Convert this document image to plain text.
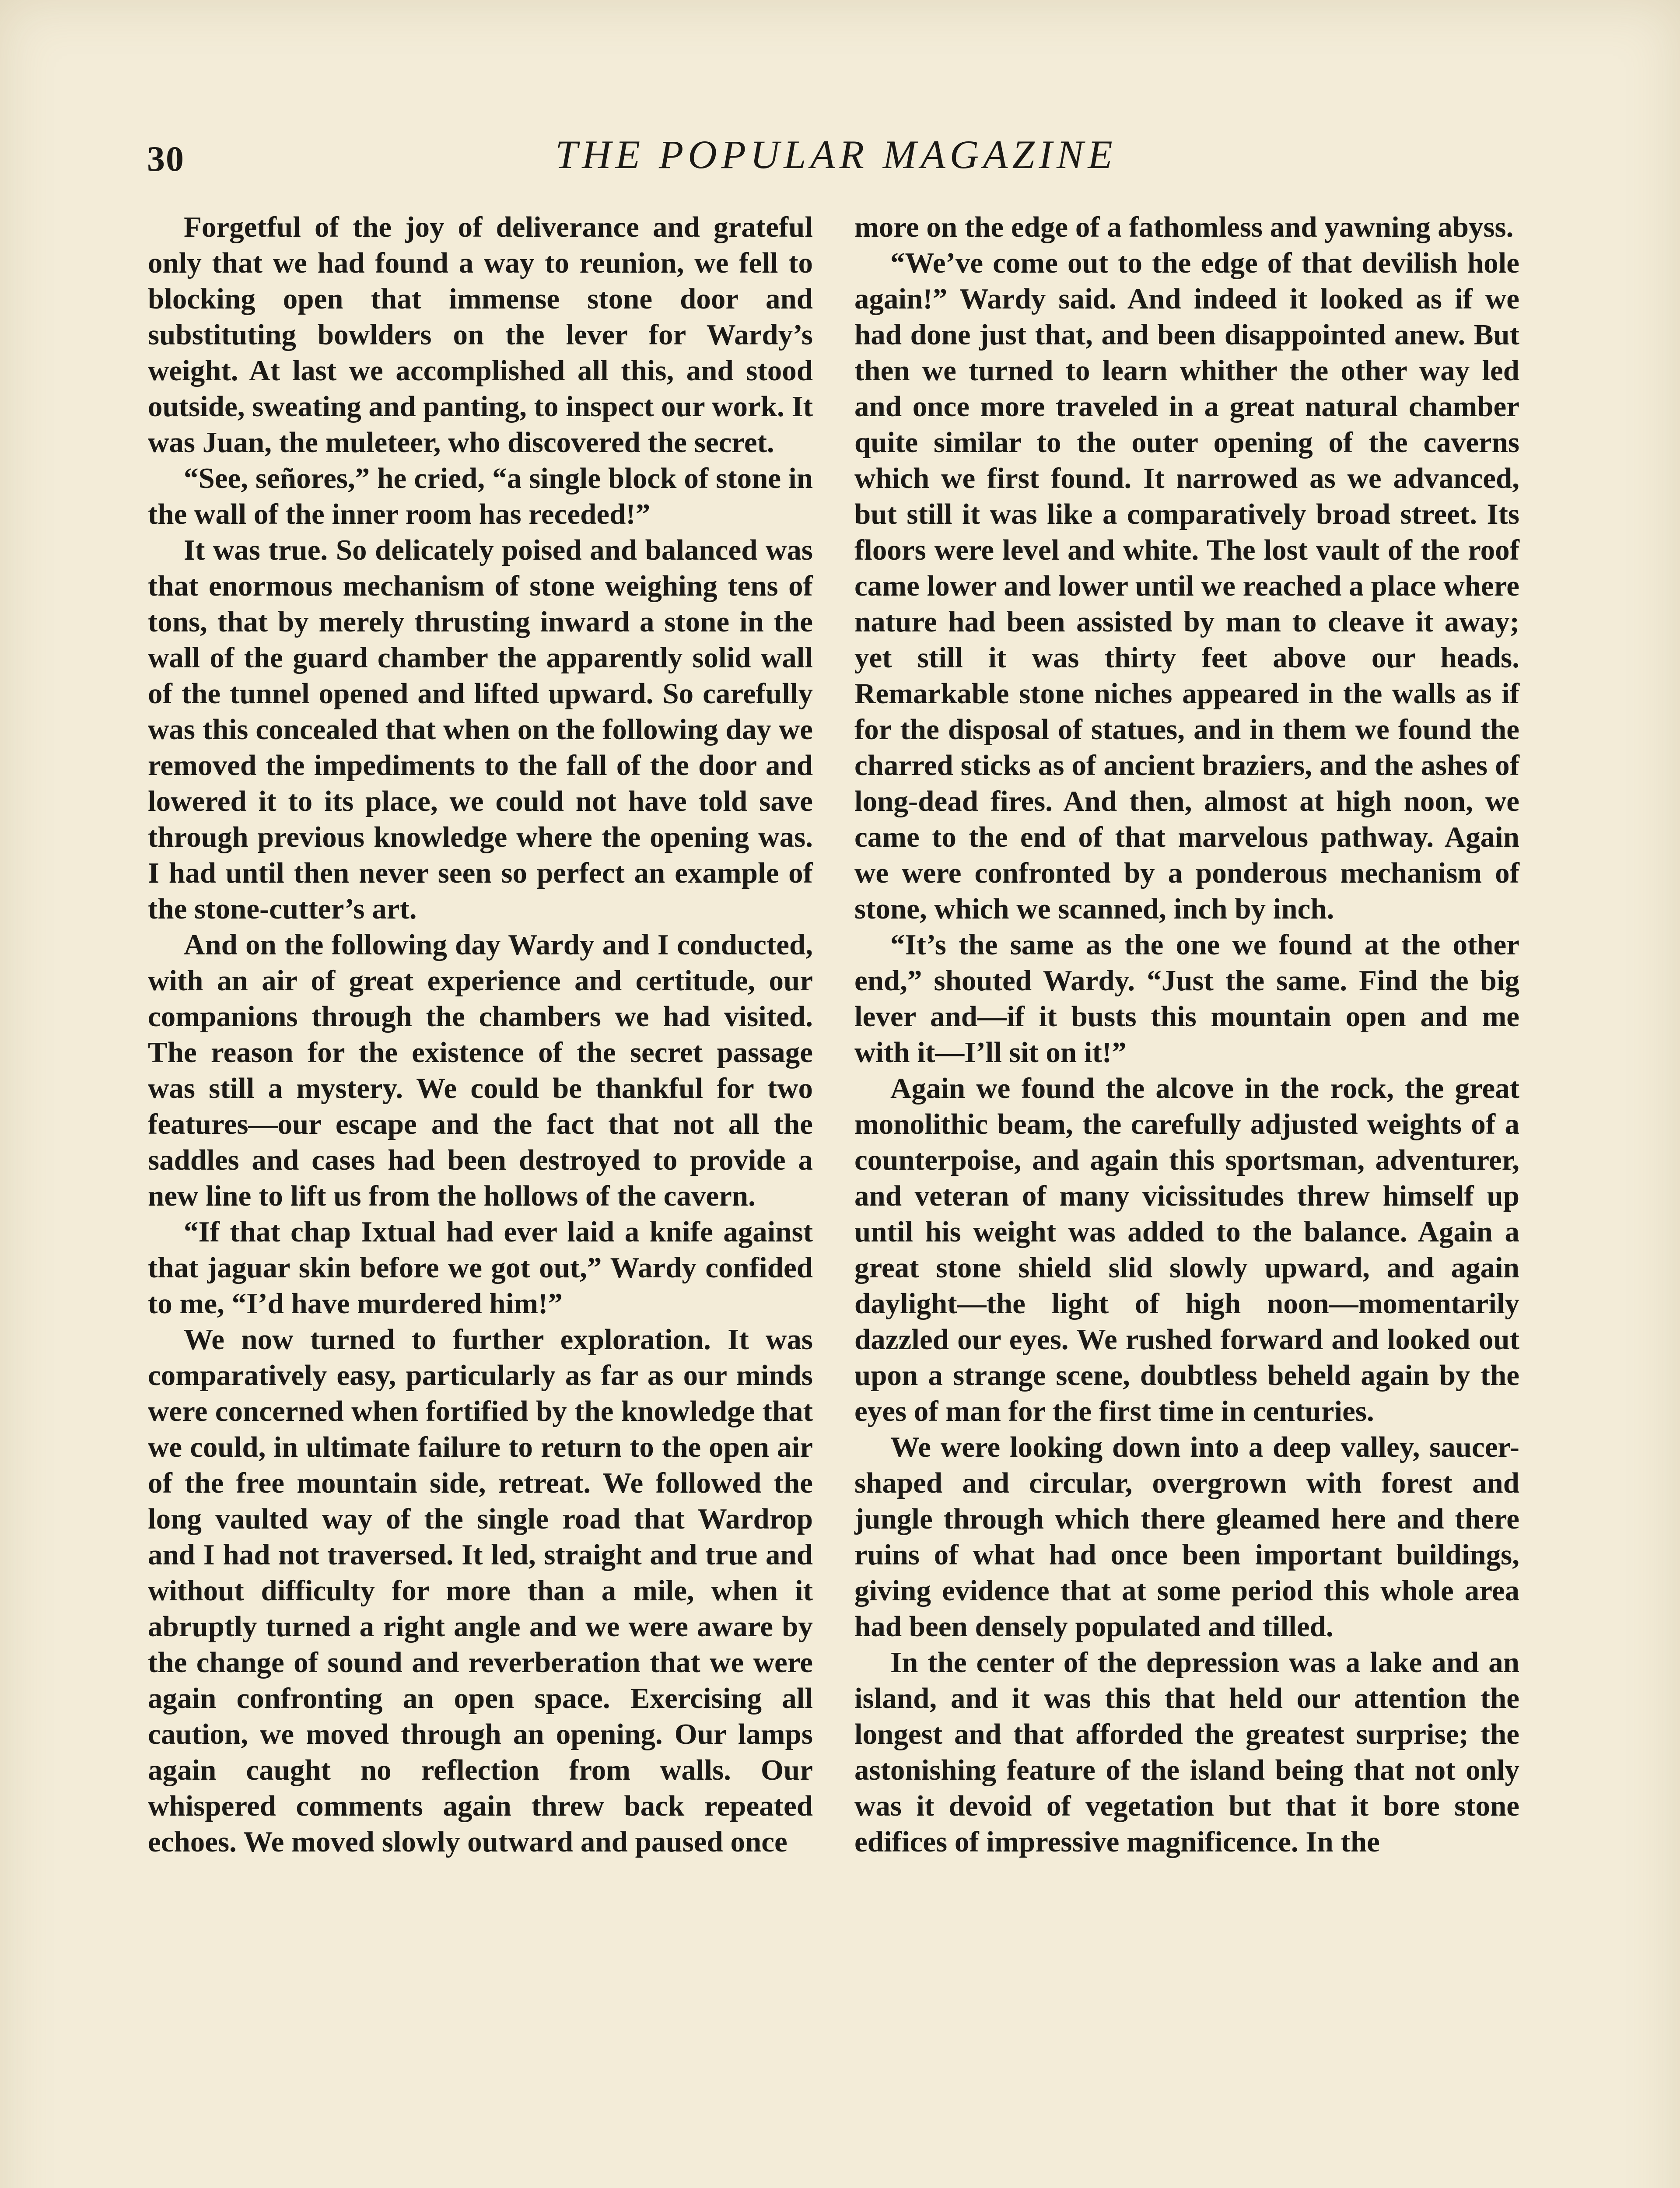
30	THE POPULAR MAGAZINE

Forgetful of the joy of deliverance and grateful only that we had found a way to reunion, we fell to blocking open that immense stone door and substituting bowlders on the lever for Wardy’s weight. At last we accomplished all this, and stood outside, sweating and panting, to inspect our work. It was Juan, the muleteer, who discovered the secret.

“See, señores,” he cried, “a single block of stone in the wall of the inner room has receded!”

It was true. So delicately poised and balanced was that enormous mechanism of stone weighing tens of tons, that by merely thrusting inward a stone in the wall of the guard chamber the apparently solid wall of the tunnel opened and lifted upward. So carefully was this concealed that when on the following day we removed the impediments to the fall of the door and lowered it to its place, we could not have told save through previous knowledge where the opening was. I had until then never seen so perfect an example of the stone-cutter’s art.

And on the following day Wardy and I conducted, with an air of great experience and certitude, our companions through the chambers we had visited. The reason for the existence of the secret passage was still a mystery. We could be thankful for two features—our escape and the fact that not all the saddles and cases had been destroyed to provide a new line to lift us from the hollows of the cavern.

“If that chap Ixtual had ever laid a knife against that jaguar skin before we got out,” Wardy confided to me, “I’d have murdered him!”

We now turned to further exploration. It was comparatively easy, particularly as far as our minds were concerned when fortified by the knowledge that we could, in ultimate failure to return to the open air of the free mountain side, retreat. We followed the long vaulted way of the single road that Wardrop and I had not traversed. It led, straight and true and without difficulty for more than a mile, when it abruptly turned a right angle and we were aware by the change of sound and reverberation that we were again confronting an open space. Exercising all caution, we moved through an opening. Our lamps again caught no reflection from walls. Our whispered comments again threw back repeated echoes. We moved slowly outward and paused once

more on the edge of a fathomless and yawning abyss.

“We’ve come out to the edge of that devilish hole again!” Wardy said. And indeed it looked as if we had done just that, and been disappointed anew. But then we turned to learn whither the other way led and once more traveled in a great natural chamber quite similar to the outer opening of the caverns which we first found. It narrowed as we advanced, but still it was like a comparatively broad street. Its floors were level and white. The lost vault of the roof came lower and lower until we reached a place where nature had been assisted by man to cleave it away; yet still it was thirty feet above our heads. Remarkable stone niches appeared in the walls as if for the disposal of statues, and in them we found the charred sticks as of ancient braziers, and the ashes of long-dead fires. And then, almost at high noon, we came to the end of that marvelous pathway. Again we were confronted by a ponderous mechanism of stone, which we scanned, inch by inch.

“It’s the same as the one we found at the other end,” shouted Wardy. “Just the same. Find the big lever and—if it busts this mountain open and me with it—I’ll sit on it!”

Again we found the alcove in the rock, the great monolithic beam, the carefully adjusted weights of a counterpoise, and again this sportsman, adventurer, and veteran of many vicissitudes threw himself up until his weight was added to the balance. Again a great stone shield slid slowly upward, and again daylight—the light of high noon—momentarily dazzled our eyes. We rushed forward and looked out upon a strange scene, doubtless beheld again by the eyes of man for the first time in centuries.

We were looking down into a deep valley, saucer-shaped and circular, overgrown with forest and jungle through which there gleamed here and there ruins of what had once been important buildings, giving evidence that at some period this whole area had been densely populated and tilled.

In the center of the depression was a lake and an island, and it was this that held our attention the longest and that afforded the greatest surprise; the astonishing feature of the island being that not only was it devoid of vegetation but that it bore stone edifices of impressive magnificence. In the
